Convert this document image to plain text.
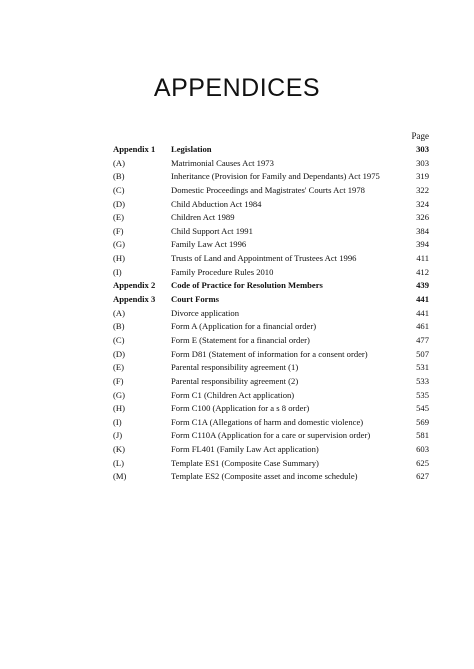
APPENDICES
Page
Appendix 1 Legislation	303
(A)	Matrimonial Causes Act 1973	303
(B)	Inheritance (Provision for Family and Dependants) Act 1975	319
(C)	Domestic Proceedings and Magistrates' Courts Act 1978	322
(D)	Child Abduction Act 1984	324
(E)	Children Act 1989	326
(F)	Child Support Act 1991	384
(G)	Family Law Act 1996	394
(H)	Trusts of Land and Appointment of Trustees Act 1996	411
(I)	Family Procedure Rules 2010	412
Appendix 2 Code of Practice for Resolution Members	439
Appendix 3 Court Forms	441
(A)	Divorce application	441
(B)	Form A (Application for a financial order)	461
(C)	Form E (Statement for a financial order)	477
(D)	Form D81 (Statement of information for a consent order)	507
(E)	Parental responsibility agreement (1)	531
(F)	Parental responsibility agreement (2)	533
(G)	Form C1 (Children Act application)	535
(H)	Form C100 (Application for a s 8 order)	545
(I)	Form C1A (Allegations of harm and domestic violence)	569
(J)	Form C110A (Application for a care or supervision order)	581
(K)	Form FL401 (Family Law Act application)	603
(L)	Template ES1 (Composite Case Summary)	625
(M)	Template ES2 (Composite asset and income schedule)	627
